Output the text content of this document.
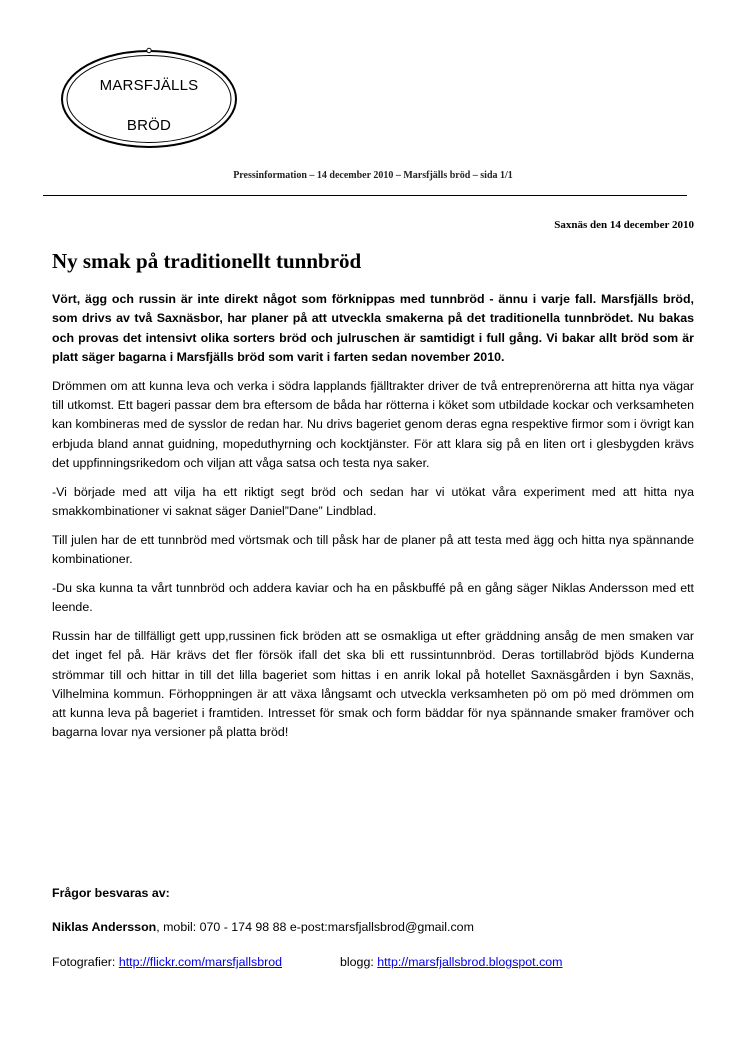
MARSFJÄLLS
BRÖD
Pressinformation – 14 december 2010 – Marsfjälls bröd – sida 1/1
Saxnäs den 14 december 2010
Ny smak på traditionellt tunnbröd

Vört, ägg och russin är inte direkt något som förknippas med tunnbröd - ännu i varje fall. Marsfjälls bröd, som drivs av två Saxnäsbor, har planer på att utveckla smakerna på det traditionella tunnbrödet. Nu bakas och provas det intensivt olika sorters bröd och julruschen är samtidigt i full gång. Vi bakar allt bröd som är platt säger bagarna i Marsfjälls bröd som varit i farten sedan november 2010.

Drömmen om att kunna leva och verka i södra lapplands fjälltrakter driver de två entreprenörerna att hitta nya vägar till utkomst. Ett bageri passar dem bra eftersom de båda har rötterna i köket som utbildade kockar och verksamheten kan kombineras med de sysslor de redan har. Nu drivs bageriet genom deras egna respektive firmor som i övrigt kan erbjuda bland annat guidning, mopeduthyrning och kocktjänster. För att klara sig på en liten ort i glesbygden krävs det uppfinningsrikedom och viljan att våga satsa och testa nya saker.

-Vi började med att vilja ha ett riktigt segt bröd och sedan har vi utökat våra experiment med att hitta nya smakkombinationer vi saknat säger Daniel”Dane” Lindblad.

Till julen har de ett tunnbröd med vörtsmak och till påsk har de planer på att testa med ägg och hitta nya spännande kombinationer.

-Du ska kunna ta vårt tunnbröd och addera kaviar och ha en påskbuffé på en gång säger Niklas Andersson med ett leende.

Russin har de tillfälligt gett upp,russinen fick bröden att se osmakliga ut efter gräddning ansåg de men smaken var det inget fel på. Här krävs det fler försök ifall det ska bli ett russintunnbröd. Deras tortillabröd bjöds Kunderna strömmar till och hittar in till det lilla bageriet som hittas i en anrik lokal på hotellet Saxnäsgården i byn Saxnäs, Vilhelmina kommun. Förhoppningen är att växa långsamt och utveckla verksamheten pö om pö med drömmen om att kunna leva på bageriet i framtiden. Intresset för smak och form bäddar för nya spännande smaker framöver och bagarna lovar nya versioner på platta bröd!

Frågor besvaras av:
Niklas Andersson, mobil: 070 - 174 98 88 e-post:marsfjallsbrod@gmail.com
Fotografier: http://flickr.com/marsfjallsbrod	blogg: http://marsfjallsbrod.blogspot.com
